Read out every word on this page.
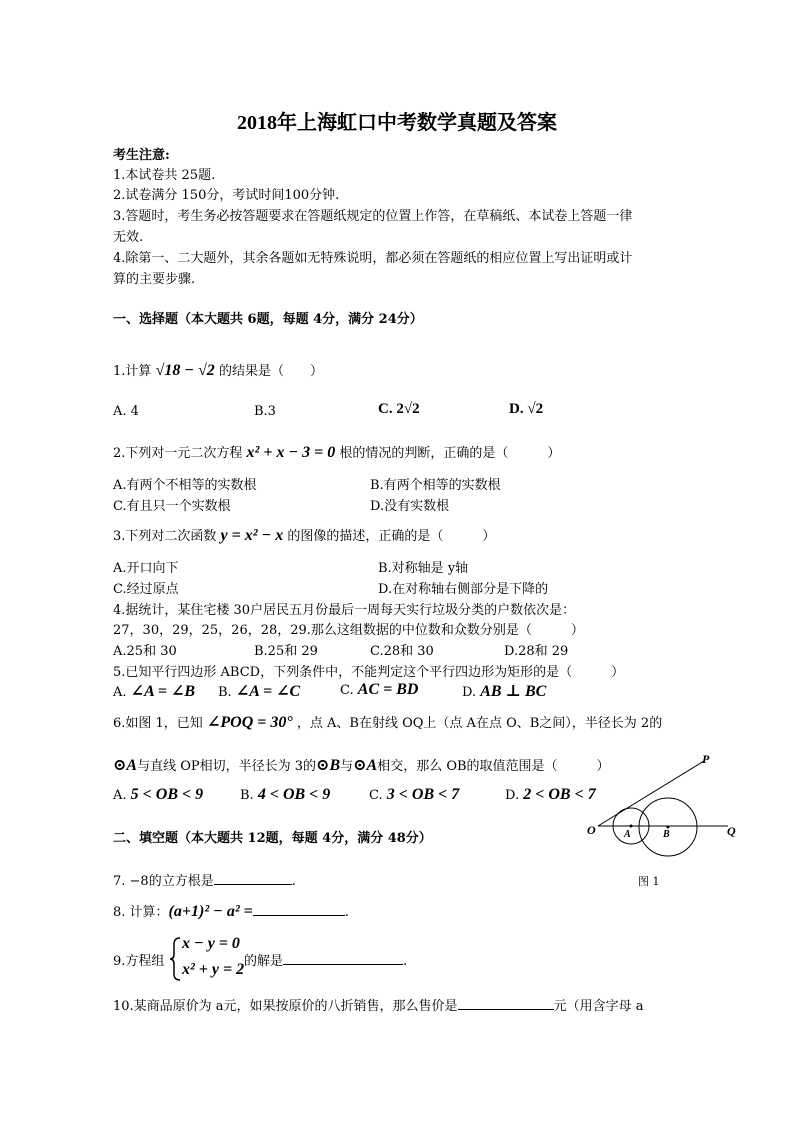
2018年上海虹口中考数学真题及答案
考生注意:
1.本试卷共 25题.
2.试卷满分 150分，考试时间100分钟.
3.答题时，考生务必按答题要求在答题纸规定的位置上作答，在草稿纸、本试卷上答题一律
无效.
4.除第一、二大题外，其余各题如无特殊说明，都必须在答题纸的相应位置上写出证明或计
算的主要步骤.
一、选择题（本大题共 6题，每题 4分，满分 24分）
1.计算 √18 − √2 的结果是（　　）
A. 4	B.3	C. 2√2	D. √2
2.下列对一元二次方程 x² + x − 3 = 0 根的情况的判断，正确的是（　　　）
A.有两个不相等的实数根	B.有两个相等的实数根
C.有且只一个实数根	D.没有实数根
3.下列对二次函数 y = x² − x 的图像的描述，正确的是（　　　）
A.开口向下	B.对称轴是 y轴
C.经过原点	D.在对称轴右侧部分是下降的
4.据统计，某住宅楼 30户居民五月份最后一周每天实行垃圾分类的户数依次是：
27，30，29，25，26，28，29.那么这组数据的中位数和众数分别是（　　　）
A.25和 30	B.25和 29	C.28和 30	D.28和 29
5.已知平行四边形 ABCD，下列条件中，不能判定这个平行四边形为矩形的是（　　　）
A. ∠A = ∠B B. ∠A = ∠C	C. AC = BD	D. AB ⊥ BC
6.如图 1，已知 ∠POQ = 30° ，点 A、B在射线 OQ上（点 A在点 O、B之间），半径长为 2的
⊙A与直线 OP相切，半径长为 3的⊙B与⊙A相交，那么 OB的取值范围是（　　　）
A. 5 < OB < 9	B. 4 < OB < 9	C. 3 < OB < 7	D. 2 < OB < 7
P
O	A	B	Q
图 1
二、填空题（本大题共 12题，每题 4分，满分 48分）
7. −8的立方根是	.
8. 计算：(a+1)² − a² =	.
9.方程组
x − y = 0
x² + y = 2 的解是	.
10.某商品原价为 a元，如果按原价的八折销售，那么售价是	元（用含字母 a
